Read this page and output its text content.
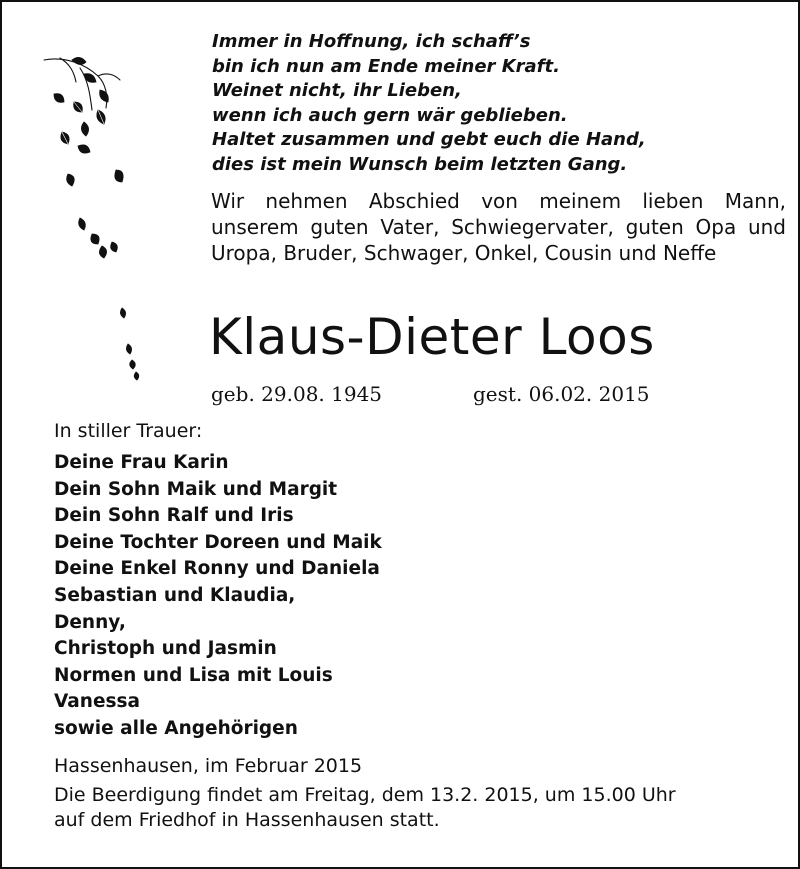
Immer in Hoffnung, ich schaff’s
bin ich nun am Ende meiner Kraft.
Weinet nicht, ihr Lieben,
wenn ich auch gern wär geblieben.
Haltet zusammen und gebt euch die Hand,
dies ist mein Wunsch beim letzten Gang.
Wir nehmen Abschied von meinem lieben Mann, unserem guten Vater, Schwiegervater, guten Opa und Uropa, Bruder, Schwager, Onkel, Cousin und Neffe
Klaus-Dieter Loos
geb. 29.08. 1945	gest. 06.02. 2015
In stiller Trauer:
Deine Frau Karin
Dein Sohn Maik und Margit
Dein Sohn Ralf und Iris
Deine Tochter Doreen und Maik
Deine Enkel Ronny und Daniela
Sebastian und Klaudia,
Denny,
Christoph und Jasmin
Normen und Lisa mit Louis
Vanessa
sowie alle Angehörigen
Hassenhausen, im Februar 2015
Die Beerdigung findet am Freitag, dem 13.2. 2015, um 15.00 Uhr
auf dem Friedhof in Hassenhausen statt.
